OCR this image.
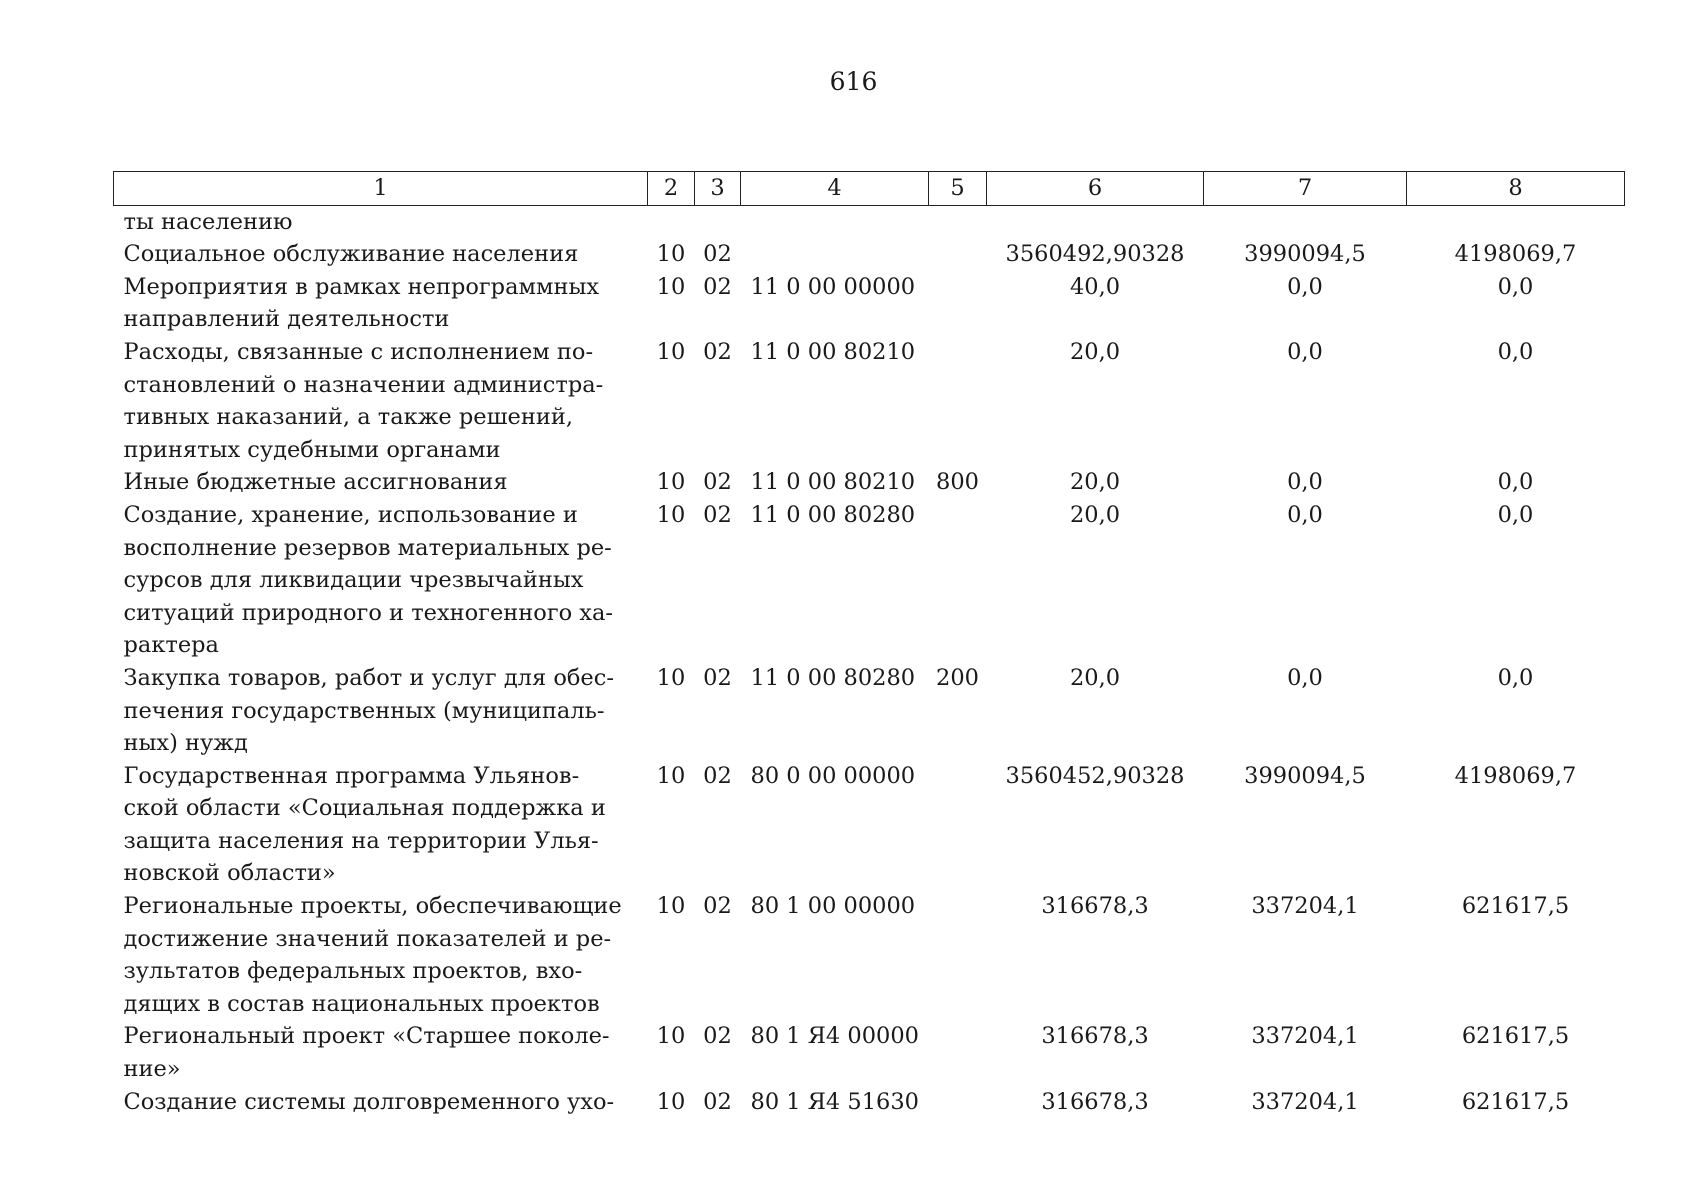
616
1	2	3	4	5	6	7	8

ты населению							

Социальное обслуживание населения	10	02			3560492,90328	3990094,5	4198069,7

Мероприятия в рамках непрограммных
направлений деятельности	10	02	11 0 00 00000		40,0	0,0	0,0

Расходы, связанные с исполнением по-
становлений о назначении администра-
тивных наказаний, а также решений,
принятых судебными органами	10	02	11 0 00 80210		20,0	0,0	0,0

Иные бюджетные ассигнования	10	02	11 0 00 80210	800	20,0	0,0	0,0

Создание, хранение, использование и
восполнение резервов материальных ре-
сурсов для ликвидации чрезвычайных
ситуаций природного и техногенного ха-
рактера	10	02	11 0 00 80280		20,0	0,0	0,0

Закупка товаров, работ и услуг для обес-
печения государственных (муниципаль-
ных) нужд	10	02	11 0 00 80280	200	20,0	0,0	0,0

Государственная программа Ульянов-
ской области «Социальная поддержка и
защита населения на территории Улья-
новской области»	10	02	80 0 00 00000		3560452,90328	3990094,5	4198069,7

Региональные проекты, обеспечивающие
достижение значений показателей и ре-
зультатов федеральных проектов, вхо-
дящих в состав национальных проектов	10	02	80 1 00 00000		316678,3	337204,1	621617,5

Региональный проект «Старшее поколе-
ние»	10	02	80 1 Я4 00000		316678,3	337204,1	621617,5

Создание системы долговременного ухо-	10	02	80 1 Я4 51630		316678,3	337204,1	621617,5
